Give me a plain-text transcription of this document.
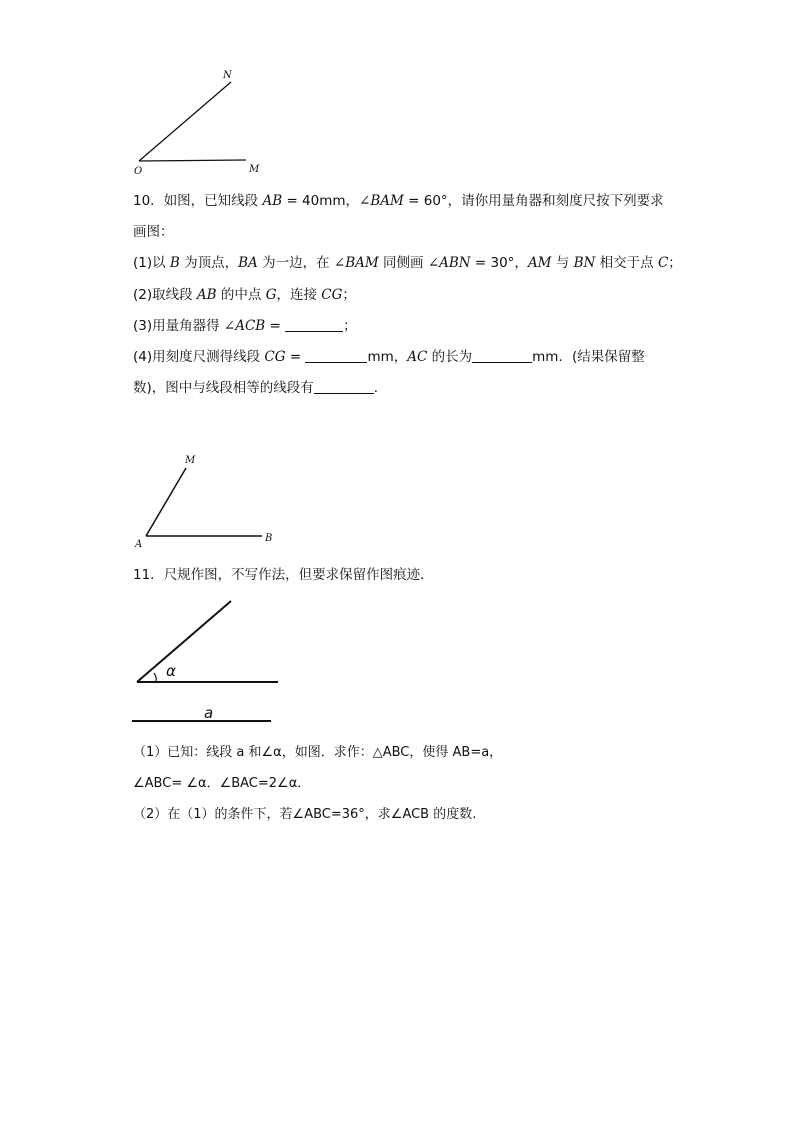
N
O	M
10．如图，已知线段 AB = 40mm，∠BAM = 60°，请你用量角器和刻度尺按下列要求
画图：
(1)以 B 为顶点，BA 为一边，在 ∠BAM 同侧画 ∠ABN = 30°，AM 与 BN 相交于点 C；
(2)取线段 AB 的中点 G，连接 CG；
(3)用量角器得 ∠ACB =	；
(4)用刻度尺测得线段 CG =	mm，AC 的长为	mm．(结果保留整
数)，图中与线段相等的线段有	．
M
A
B
11．尺规作图，不写作法，但要求保留作图痕迹．
α
a
（1）已知：线段 a 和∠α，如图．求作：△ABC，使得 AB=a，
∠ABC= ∠α．∠BAC=2∠α．
（2）在（1）的条件下，若∠ABC=36°，求∠ACB 的度数.
